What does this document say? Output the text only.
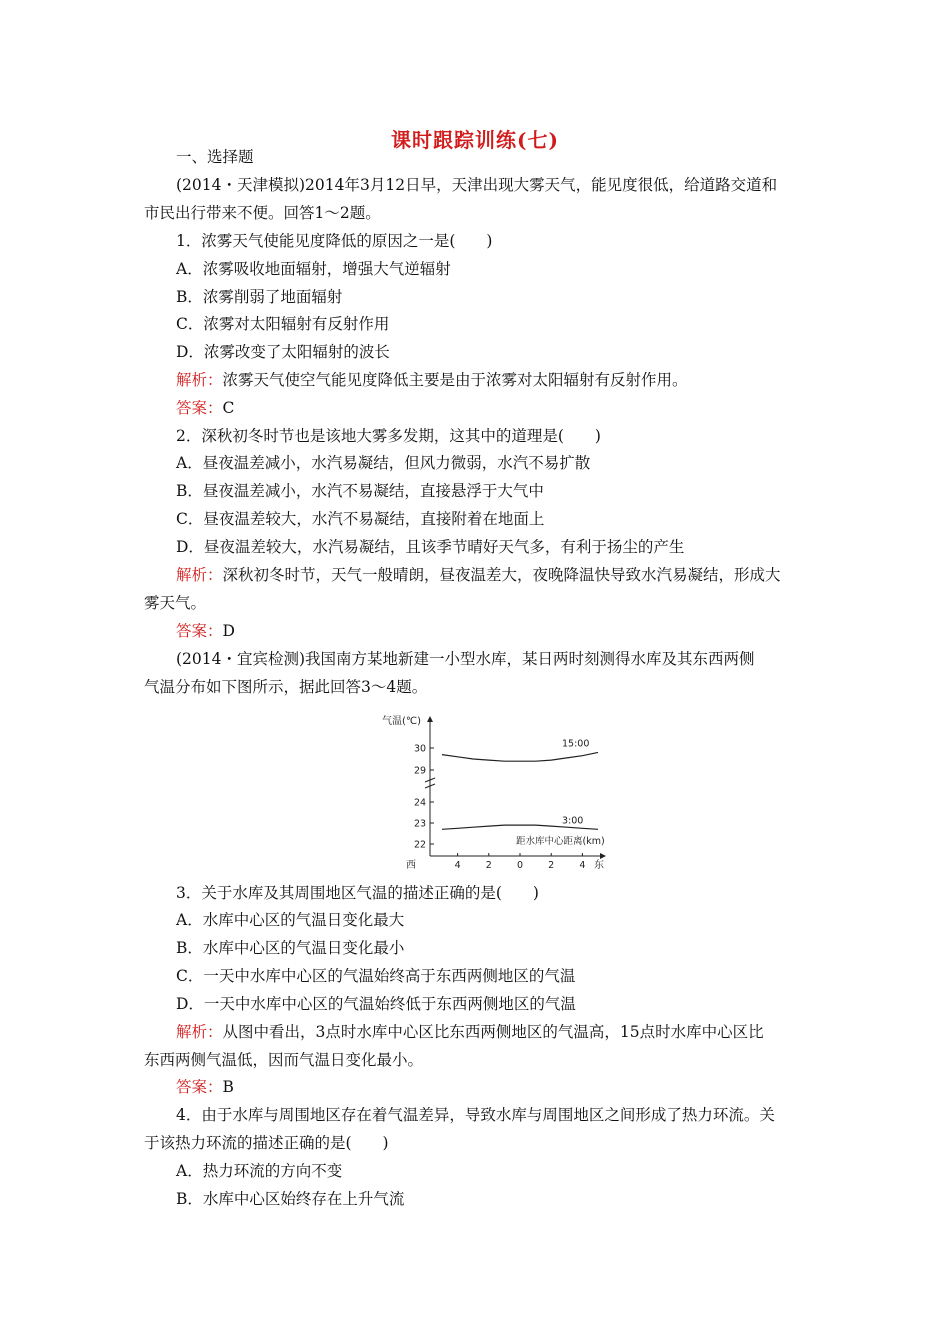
课时跟踪训练(七)
一、选择题
(2014・天津模拟)2014年3月12日早，天津出现大雾天气，能见度很低，给道路交道和
市民出行带来不便。回答1～2题。
1．浓雾天气使能见度降低的原因之一是(　　)
A．浓雾吸收地面辐射，增强大气逆辐射
B．浓雾削弱了地面辐射
C．浓雾对太阳辐射有反射作用
D．浓雾改变了太阳辐射的波长
解析：浓雾天气使空气能见度降低主要是由于浓雾对太阳辐射有反射作用。
答案：C
2．深秋初冬时节也是该地大雾多发期，这其中的道理是(　　)
A．昼夜温差减小，水汽易凝结，但风力微弱，水汽不易扩散
B．昼夜温差减小，水汽不易凝结，直接悬浮于大气中
C．昼夜温差较大，水汽不易凝结，直接附着在地面上
D．昼夜温差较大，水汽易凝结，且该季节晴好天气多，有利于扬尘的产生
解析：深秋初冬时节，天气一般晴朗，昼夜温差大，夜晚降温快导致水汽易凝结，形成大
雾天气。
答案：D
(2014・宜宾检测)我国南方某地新建一小型水库，某日两时刻测得水库及其东西两侧
气温分布如下图所示，据此回答3～4题。
气温(℃)
距水库中心距离(km)
西	东
30
29
24
23
22
4	2	0	2	4
15:00
3:00
3．关于水库及其周围地区气温的描述正确的是(　　)
A．水库中心区的气温日变化最大
B．水库中心区的气温日变化最小
C．一天中水库中心区的气温始终高于东西两侧地区的气温
D．一天中水库中心区的气温始终低于东西两侧地区的气温
解析：从图中看出，3点时水库中心区比东西两侧地区的气温高，15点时水库中心区比
东西两侧气温低，因而气温日变化最小。
答案：B
4．由于水库与周围地区存在着气温差异，导致水库与周围地区之间形成了热力环流。关
于该热力环流的描述正确的是(　　)
A．热力环流的方向不变
B．水库中心区始终存在上升气流
